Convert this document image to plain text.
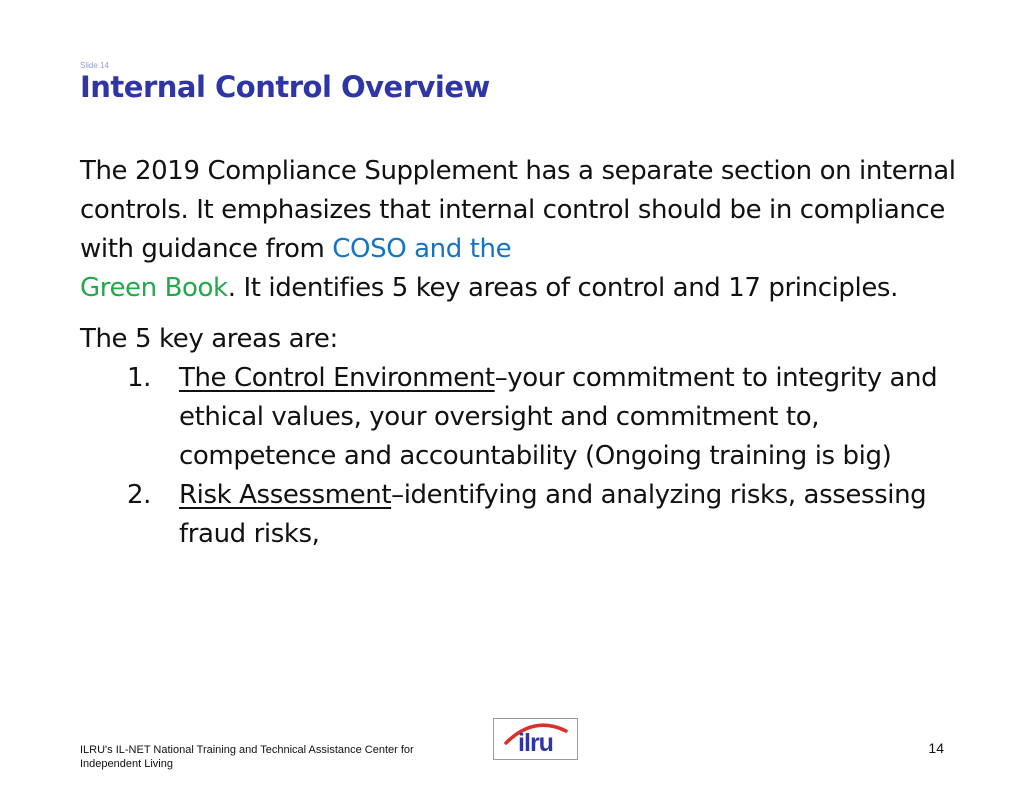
Slide 14
Internal Control Overview

The 2019 Compliance Supplement has a separate section on internal controls. It emphasizes that internal control should be in compliance with guidance from COSO and the
Green Book. It identifies 5 key areas of control and 17 principles.

The 5 key areas are:

1. The Control Environment–your commitment to integrity and ethical values, your oversight and commitment to, competence and accountability (Ongoing training is big)
2. Risk Assessment–identifying and analyzing risks, assessing fraud risks,
ILRU's IL-NET National Training and Technical Assistance Center for Independent Living
ilru	14
